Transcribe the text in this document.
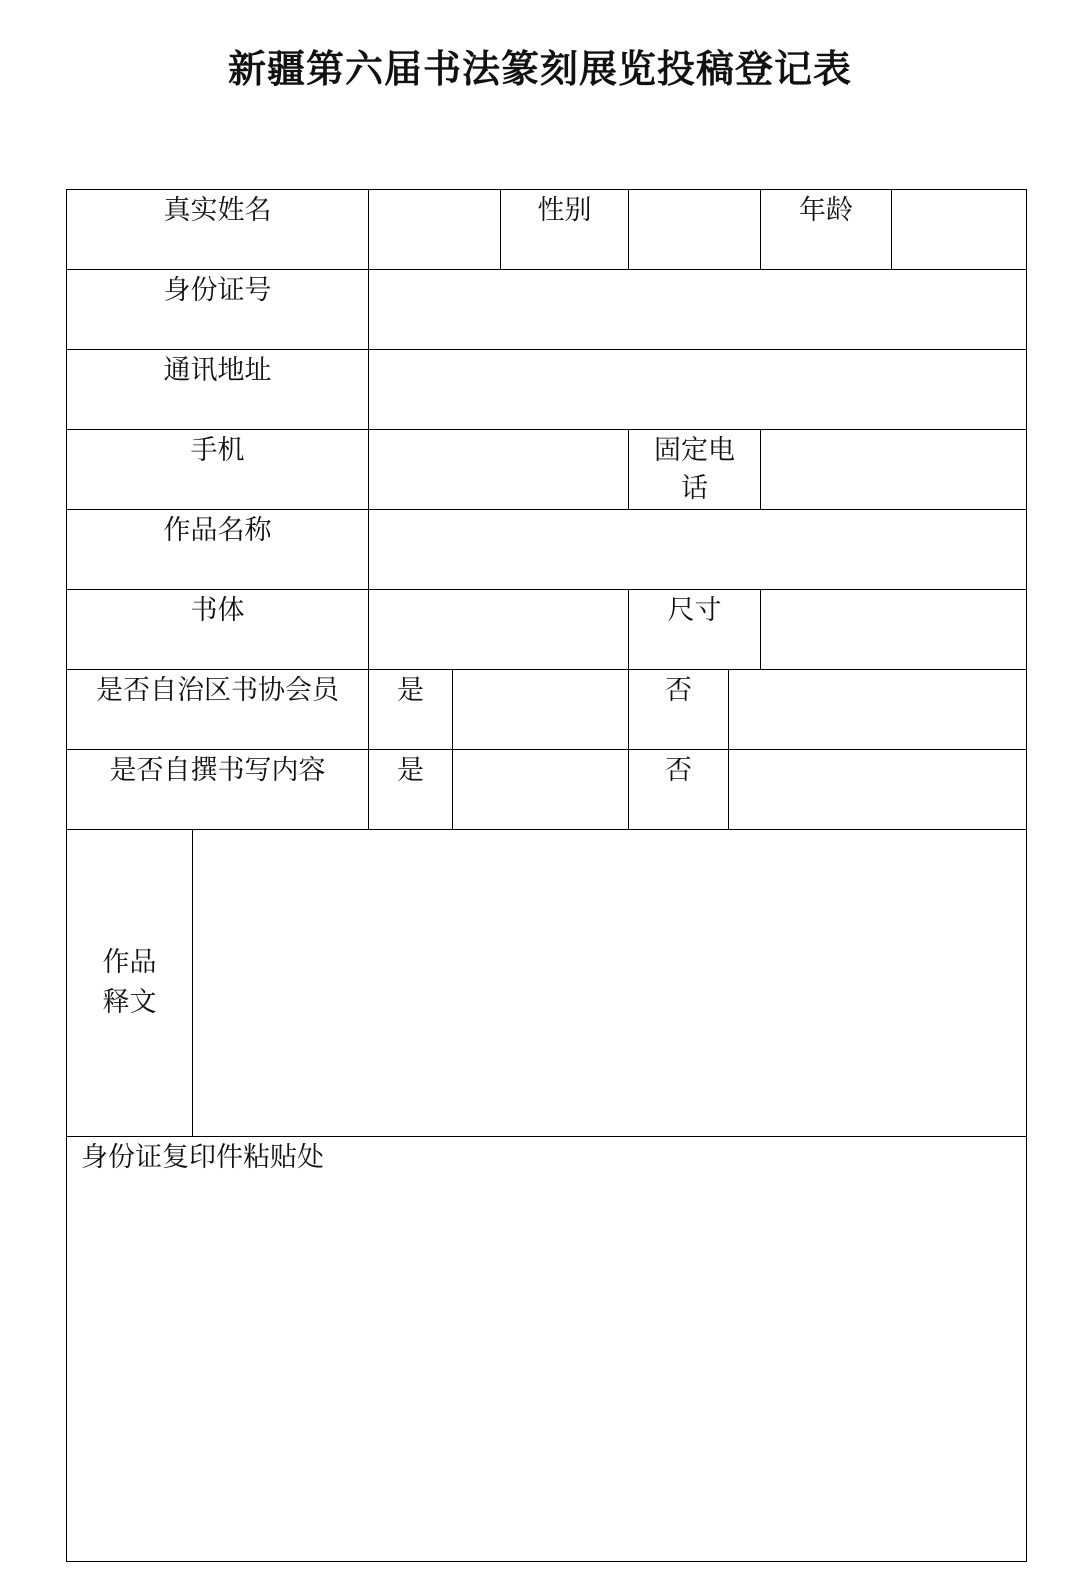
新疆第六届书法篆刻展览投稿登记表
真实姓名				性别			年龄	
身份证号								
通讯地址								
手机					固定电
话			
作品名称								
书体					尺寸			
是否自治区书协会员		是			否			
是否自撰书写内容		是			否			
作品
释文								
身份证复印件粘贴处								
